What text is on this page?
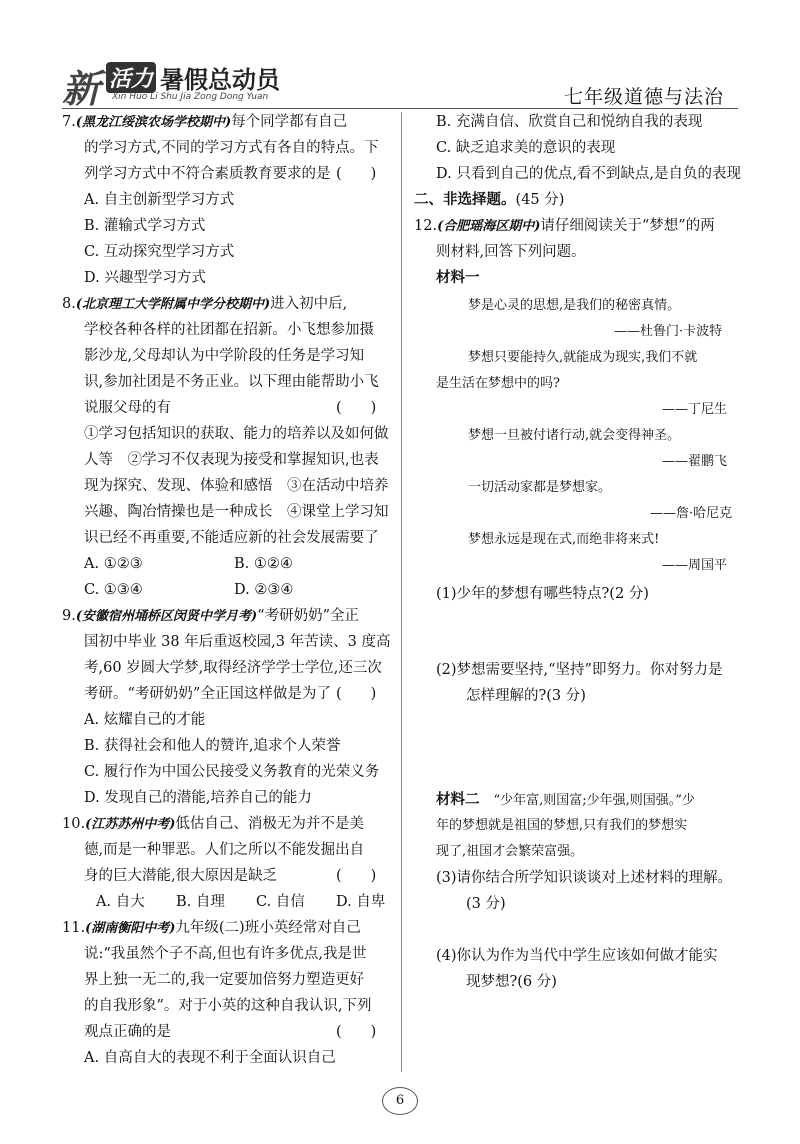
新 活力 暑假总动员
Xin Huo Li Shu Jia Zong Dong Yuan	七年级道德与法治
7.(黑龙江绥滨农场学校期中)每个同学都有自己
的学习方式,不同的学习方式有各自的特点。下
列学习方式中不符合素质教育要求的是 (　　)
A. 自主创新型学习方式
B. 灌输式学习方式
C. 互动探究型学习方式
D. 兴趣型学习方式
8.(北京理工大学附属中学分校期中)进入初中后,
学校各种各样的社团都在招新。小飞想参加摄
影沙龙,父母却认为中学阶段的任务是学习知
识,参加社团是不务正业。以下理由能帮助小飞
说服父母的有	(　　)
①学习包括知识的获取、能力的培养以及如何做
人等　②学习不仅表现为接受和掌握知识,也表
现为探究、发现、体验和感悟　③在活动中培养
兴趣、陶冶情操也是一种成长　④课堂上学习知
识已经不再重要,不能适应新的社会发展需要了
A. ①②③	B. ①②④
C. ①③④	D. ②③④
9.(安徽宿州埇桥区闵贤中学月考)“考研奶奶”全正
国初中毕业 38 年后重返校园,3 年苦读、3 度高
考,60 岁圆大学梦,取得经济学学士学位,还三次
考研。“考研奶奶”全正国这样做是为了 (　　)
A. 炫耀自己的才能
B. 获得社会和他人的赞许,追求个人荣誉
C. 履行作为中国公民接受义务教育的光荣义务
D. 发现自己的潜能,培养自己的能力
10.(江苏苏州中考)低估自己、消极无为并不是美
德,而是一种罪恶。人们之所以不能发掘出自
身的巨大潜能,很大原因是缺乏	(　　)
A. 自大 B. 自理 C. 自信 D. 自卑
11.(湖南衡阳中考)九年级(二)班小英经常对自己
说:“我虽然个子不高,但也有许多优点,我是世
界上独一无二的,我一定要加倍努力塑造更好
的自我形象”。对于小英的这种自我认识,下列
观点正确的是	(　　)
A. 自高自大的表现不利于全面认识自己
B. 充满自信、欣赏自己和悦纳自我的表现
C. 缺乏追求美的意识的表现
D. 只看到自己的优点,看不到缺点,是自负的表现
二、非选择题。(45 分)
12.(合肥瑶海区期中)请仔细阅读关于“梦想”的两
则材料,回答下列问题。
材料一
梦是心灵的思想,是我们的秘密真情。
——杜鲁门·卡波特
梦想只要能持久,就能成为现实,我们不就
是生活在梦想中的吗?
——丁尼生
梦想一旦被付诸行动,就会变得神圣。
——翟鹏飞
一切活动家都是梦想家。
——詹·哈尼克
梦想永远是现在式,而绝非将来式!
——周国平
(1)少年的梦想有哪些特点?(2 分)
(2)梦想需要坚持,“坚持”即努力。你对努力是
怎样理解的?(3 分)
材料二 “少年富,则国富;少年强,则国强。”少
年的梦想就是祖国的梦想,只有我们的梦想实
现了,祖国才会繁荣富强。
(3)请你结合所学知识谈谈对上述材料的理解。
(3 分)
(4)你认为作为当代中学生应该如何做才能实
现梦想?(6 分)
6
